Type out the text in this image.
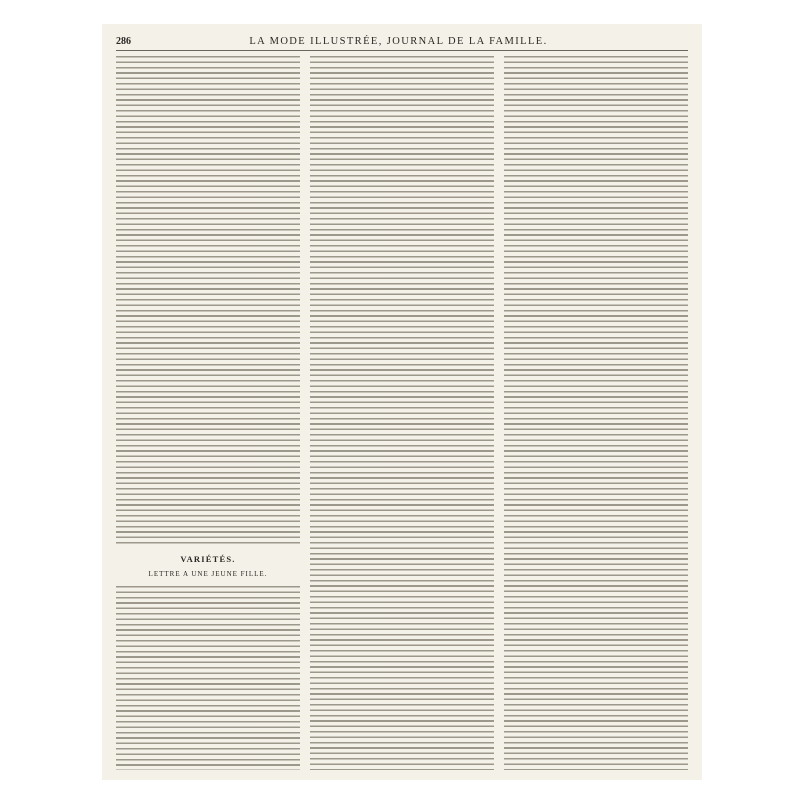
286	LA MODE ILLUSTRÉE, JOURNAL DE LA FAMILLE.
VARIÉTÉS.
LETTRE A UNE JEUNE FILLE.
